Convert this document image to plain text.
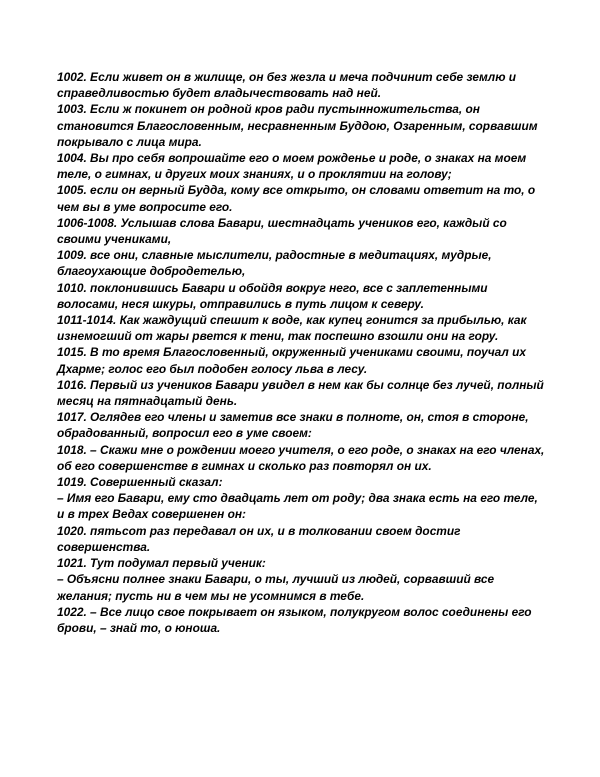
1002. Если живет он в жилище, он без жезла и меча подчинит себе землю и справедливостью будет владычествовать над ней.

1003. Если ж покинет он родной кров ради пустынножительства, он становится Благословенным, несравненным Буддою, Озаренным, сорвавшим покрывало с лица мира.

1004. Вы про себя вопрошайте его о моем рожденье и роде, о знаках на моем теле, о гимнах, и других моих знаниях, и о проклятии на голову;

1005. если он верный Будда, кому все открыто, он словами ответит на то, о чем вы в уме вопросите его.

1006-1008. Услышав слова Бавари, шестнадцать учеников его, каждый со своими учениками,

1009. все они, славные мыслители, радостные в медитациях, мудрые, благоухающие добродетелью,

1010. поклонившись Бавари и обойдя вокруг него, все с заплетенными волосами, неся шкуры, отправились в путь лицом к северу.

1011-1014. Как жаждущий спешит к воде, как купец гонится за прибылью, как изнемогший от жары рвется к тени, так поспешно взошли они на гору.

1015. В то время Благословенный, окруженный учениками своими, поучал их Дхарме; голос его был подобен голосу льва в лесу.

1016. Первый из учеников Бавари увидел в нем как бы солнце без лучей, полный месяц на пятнадцатый день.

1017. Оглядев его члены и заметив все знаки в полноте, он, стоя в стороне, обрадованный, вопросил его в уме своем:

1018. – Скажи мне о рождении моего учителя, о его роде, о знаках на его членах, об его совершенстве в гимнах и сколько раз повторял он их.

1019. Совершенный сказал:

– Имя его Бавари, ему сто двадцать лет от роду; два знака есть на его теле, и в трех Ведах совершенен он:

1020. пятьсот раз передавал он их, и в толковании своем достиг совершенства.

1021. Тут подумал первый ученик:

– Объясни полнее знаки Бавари, о ты, лучший из людей, сорвавший все желания; пусть ни в чем мы не усомнимся в тебе.

1022. – Все лицо свое покрывает он языком, полукругом волос соединены его брови, – знай то, о юноша.
